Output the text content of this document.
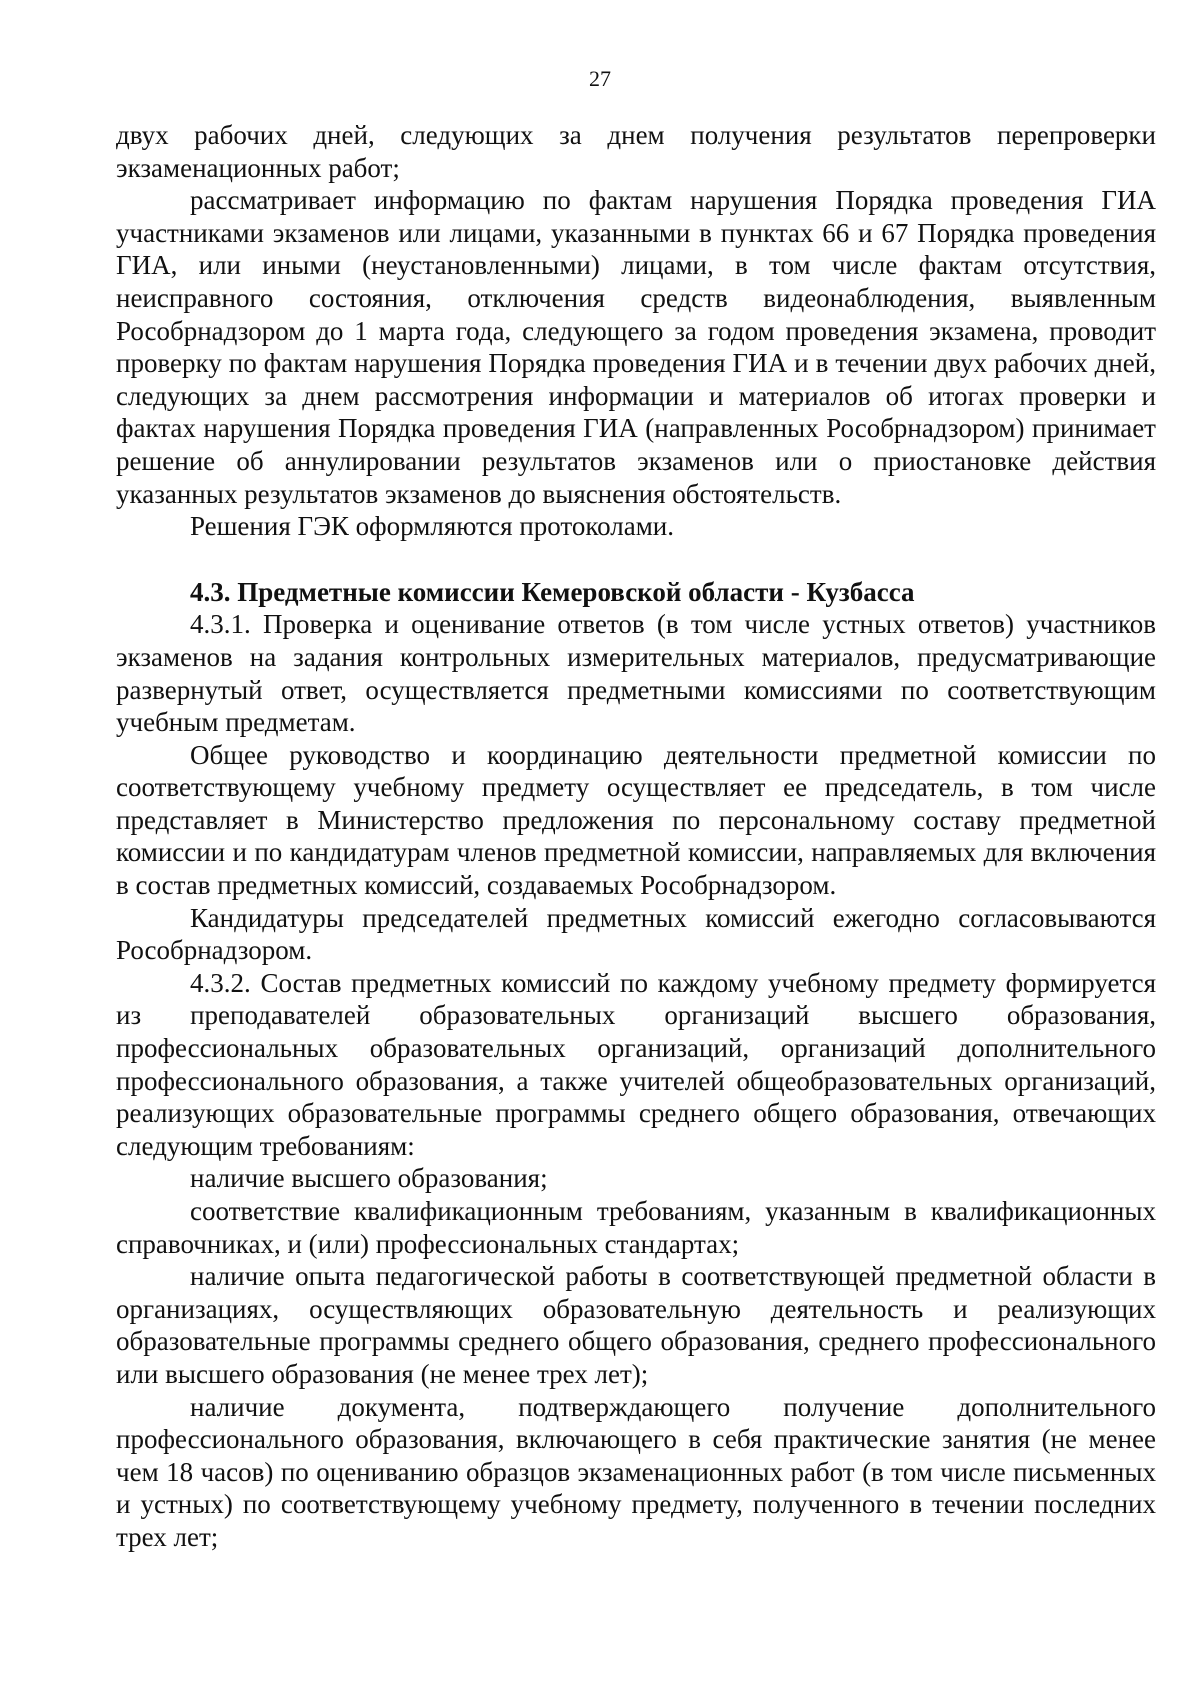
27

двух рабочих дней, следующих за днем получения результатов перепроверки экзаменационных работ;

рассматривает информацию по фактам нарушения Порядка проведения ГИА участниками экзаменов или лицами, указанными в пунктах 66 и 67 Порядка проведения ГИА, или иными (неустановленными) лицами, в том числе фактам отсутствия, неисправного состояния, отключения средств видеонаблюдения, выявленным Рособрнадзором до 1 марта года, следующего за годом проведения экзамена, проводит проверку по фактам нарушения Порядка проведения ГИА и в течении двух рабочих дней, следующих за днем рассмотрения информации и материалов об итогах проверки и фактах нарушения Порядка проведения ГИА (направленных Рособрнадзором) принимает решение об аннулировании результатов экзаменов или о приостановке действия указанных результатов экзаменов до выяснения обстоятельств.

Решения ГЭК оформляются протоколами.

4.3. Предметные комиссии Кемеровской области - Кузбасса

4.3.1. Проверка и оценивание ответов (в том числе устных ответов) участников экзаменов на задания контрольных измерительных материалов, предусматривающие развернутый ответ, осуществляется предметными комиссиями по соответствующим учебным предметам.

Общее руководство и координацию деятельности предметной комиссии по соответствующему учебному предмету осуществляет ее председатель, в том числе представляет в Министерство предложения по персональному составу предметной комиссии и по кандидатурам членов предметной комиссии, направляемых для включения в состав предметных комиссий, создаваемых Рособрнадзором.

Кандидатуры председателей предметных комиссий ежегодно согласовываются Рособрнадзором.

4.3.2. Состав предметных комиссий по каждому учебному предмету формируется из преподавателей образовательных организаций высшего образования, профессиональных образовательных организаций, организаций дополнительного профессионального образования, а также учителей общеобразовательных организаций, реализующих образовательные программы среднего общего образования, отвечающих следующим требованиям:

наличие высшего образования;

соответствие квалификационным требованиям, указанным в квалификационных справочниках, и (или) профессиональных стандартах;

наличие опыта педагогической работы в соответствующей предметной области в организациях, осуществляющих образовательную деятельность и реализующих образовательные программы среднего общего образования, среднего профессионального или высшего образования (не менее трех лет);

наличие документа, подтверждающего получение дополнительного профессионального образования, включающего в себя практические занятия (не менее чем 18 часов) по оцениванию образцов экзаменационных работ (в том числе письменных и устных) по соответствующему учебному предмету, полученного в течении последних трех лет;
